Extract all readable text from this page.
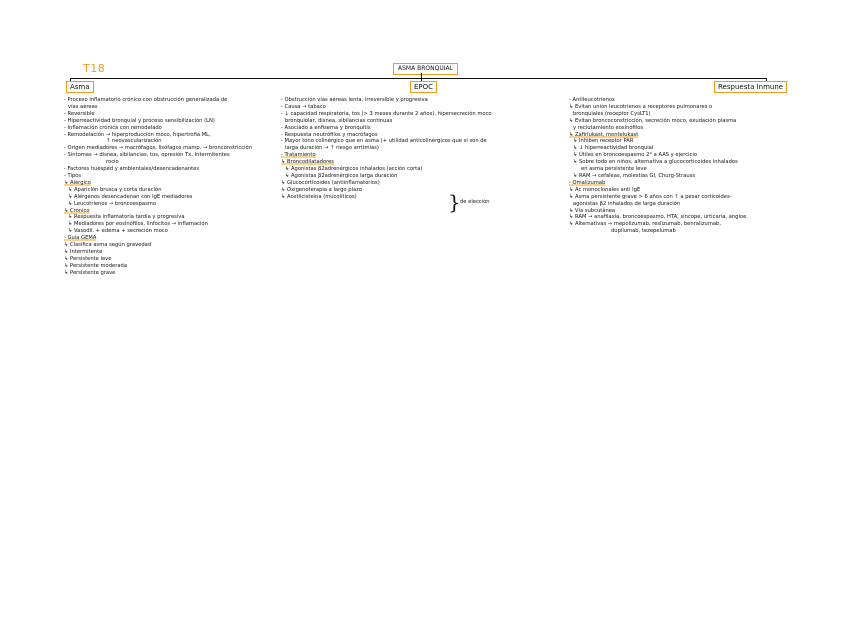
T18	ASMA BRONQUIAL
Asma	EPOC	Respuesta Inmune
- Proceso inflamatorio crónico con obstrucción generalizada de
vías aéreas
- Reversible
- Hiperreactividad bronquial y proceso sensibilización (LN)
- Inflamación crónica con remodelado
- Remodelación → hiperproducción moco, hipertrofia ML,
↑ neovascularización
- Origen mediadores → macrófagos, lisófagos mamp. → bronconstricción
- Síntomas → disnea, sibilancias, tos, opresión Tx. Intermitentes
rocío
- Factores huésped y ambientales/desencadenantes
- Tipos
↳ Alérgico
↳ Aparición brusca y corta duración
↳ Alérgenos desencadenan con IgE mediadores
↳ Leucotrienos → broncoespasmo
↳ Crónico
↳ Respuesta inflamatoria tardía y progresiva
↳ Mediadores por eosinófilos, linfocitos → inflamación
↳ Vasodil. + edema + secreción moco
- Guía GEMA
↳ Clasifica asma según gravedad
↳ Intermitente
↳ Persistente leve
↳ Persistente moderada
↳ Persistente grave
- Obstrucción vías aéreas lenta, irreversible y progresiva
- Causa → tabaco
- ↓ capacidad respiratoria, tos (> 3 meses durante 2 años), hipersecreción moco
bronquiolar, disnea, sibilancias continuas
- Asociado a enfisema y bronquitis
- Respuesta neutrófilos y macrófagos
- Mayor tono colinérgico que en asma (+ utilidad anticolinérgicos que si son de
larga duración → ↑ riesgo arritmias)
- Tratamiento
↳ Broncodilatadores
↳ Agonistas β2adrenérgicos inhalados (acción corta)
↳ Agonistas β2adrenérgicos larga duración
↳ Glucocorticoides (antiinflamatorios)
↳ Oxigenoterapia a largo plazo
↳ Acetilcisteína (mucolíticos)
- Antileucotrienos
↳ Evitan unión leucotrienos a receptores pulmonares o
bronquiales (receptor CysLT1)
↳ Evitan broncoconstricción, secreción moco, exudación plasma
y reclutamiento eosinófilos
↳ Zafirlukast, montelukast
↳ Inhiben receptor PAR
↳ ↓ hiperreactividad bronquial
↳ Útiles en broncoespasmo 2° a AAS y ejercicio
↳ Sobre todo en niños, alternativa a glucocorticoides inhalados
en asma persistente leve
↳ RAM → cefaleas, molestias GI, Churg-Strauss
- Omalizumab
↳ Ac monoclonales anti IgE
↳ Asma persistente grave > 6 años con ↑ a pesar corticoides-
agonistas β2 inhalados de larga duración
↳ Vía subcutánea
↳ RAM → anafilaxia, broncoespasmo, HTA, síncope, urticaria, angioe.
↳ Alternativas → mepolizumab, reslizumab, benralizumab,
dupilumab, tezepelumab
} de elección
